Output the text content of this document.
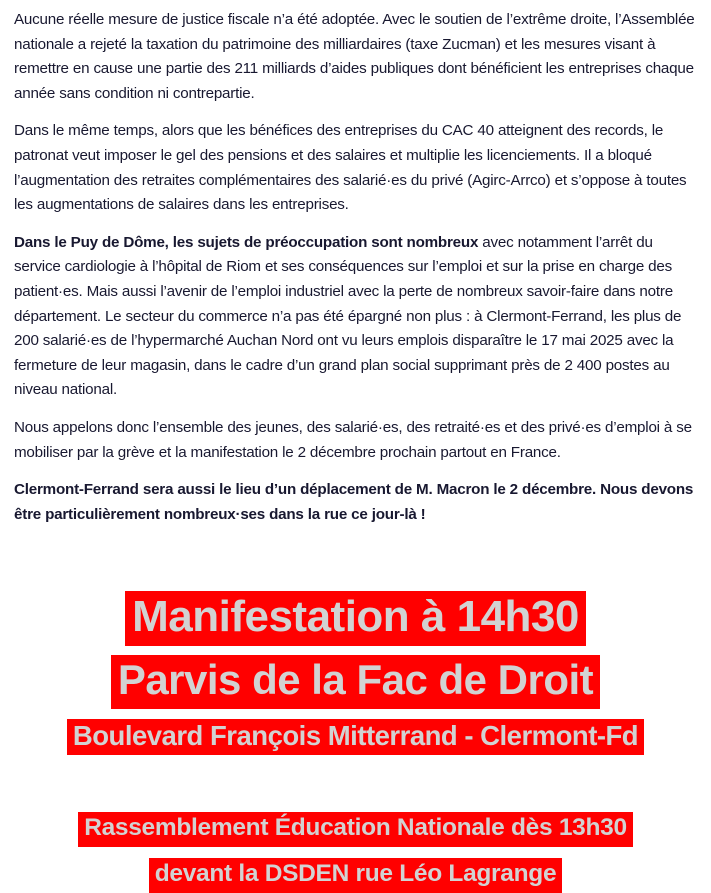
Aucune réelle mesure de justice fiscale n’a été adoptée. Avec le soutien de l’extrême droite, l’Assemblée nationale a rejeté la taxation du patrimoine des milliardaires (taxe Zucman) et les mesures visant à remettre en cause une partie des 211 milliards d’aides publiques dont bénéficient les entreprises chaque année sans condition ni contrepartie.

Dans le même temps, alors que les bénéfices des entreprises du CAC 40 atteignent des records, le patronat veut imposer le gel des pensions et des salaires et multiplie les licenciements. Il a bloqué l’augmentation des retraites complémentaires des salarié·es du privé (Agirc-Arrco) et s’oppose à toutes les augmentations de salaires dans les entreprises.

Dans le Puy de Dôme, les sujets de préoccupation sont nombreux avec notamment l’arrêt du service cardiologie à l’hôpital de Riom et ses conséquences sur l’emploi et sur la prise en charge des patient·es. Mais aussi l’avenir de l’emploi industriel avec la perte de nombreux savoir-faire dans notre département. Le secteur du commerce n’a pas été épargné non plus : à Clermont-Ferrand, les plus de 200 salarié·es de l’hypermarché Auchan Nord ont vu leurs emplois disparaître le 17 mai 2025 avec la fermeture de leur magasin, dans le cadre d’un grand plan social supprimant près de 2 400 postes au niveau national.

Nous appelons donc l’ensemble des jeunes, des salarié·es, des retraité·es et des privé·es d’emploi à se mobiliser par la grève et la manifestation le 2 décembre prochain partout en France.

Clermont-Ferrand sera aussi le lieu d’un déplacement de M. Macron le 2 décembre. Nous devons être particulièrement nombreux·ses dans la rue ce jour-là !

Manifestation à 14h30
Parvis de la Fac de Droit
Boulevard François Mitterrand - Clermont-Fd
Rassemblement Éducation Nationale dès 13h30
devant la DSDEN rue Léo Lagrange
